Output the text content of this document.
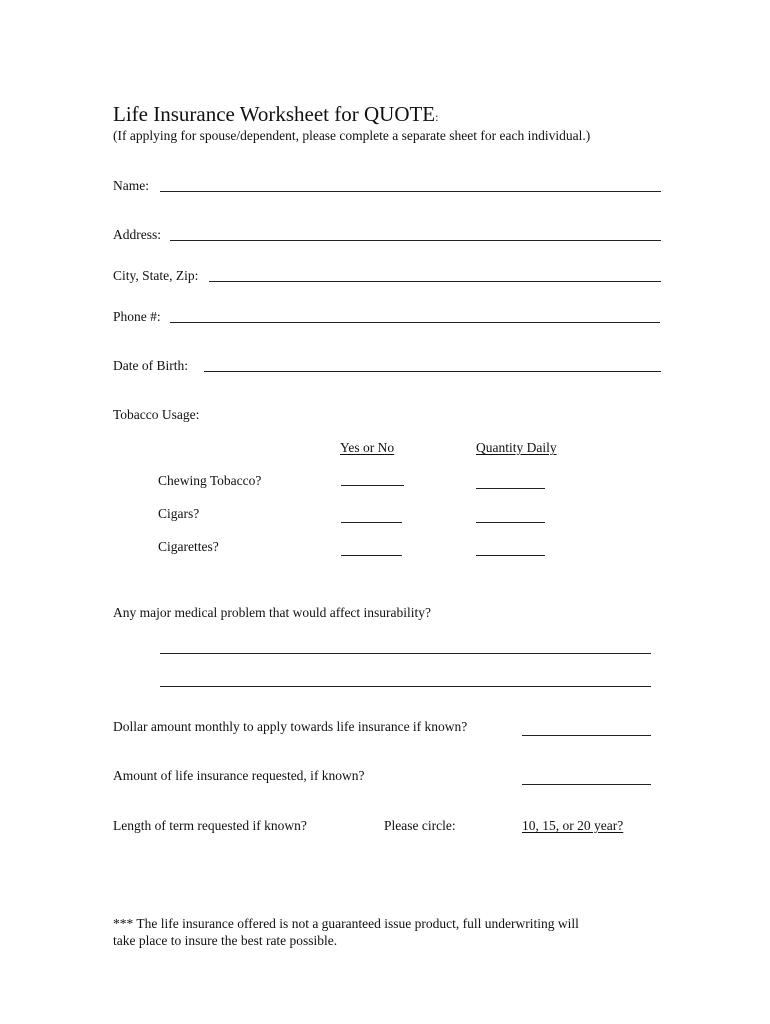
Life Insurance Worksheet for QUOTE:
(If applying for spouse/dependent, please complete a separate sheet for each individual.)
Name:
Address:
City, State, Zip:
Phone #:
Date of Birth:
Tobacco Usage:
Yes or No	Quantity Daily
Chewing Tobacco?
Cigars?
Cigarettes?
Any major medical problem that would affect insurability?
Dollar amount monthly to apply towards life insurance if known?
Amount of life insurance requested, if known?
Length of term requested if known?	Please circle:	10, 15, or 20 year?
*** The life insurance offered is not a guaranteed issue product, full underwriting will
take place to insure the best rate possible.
